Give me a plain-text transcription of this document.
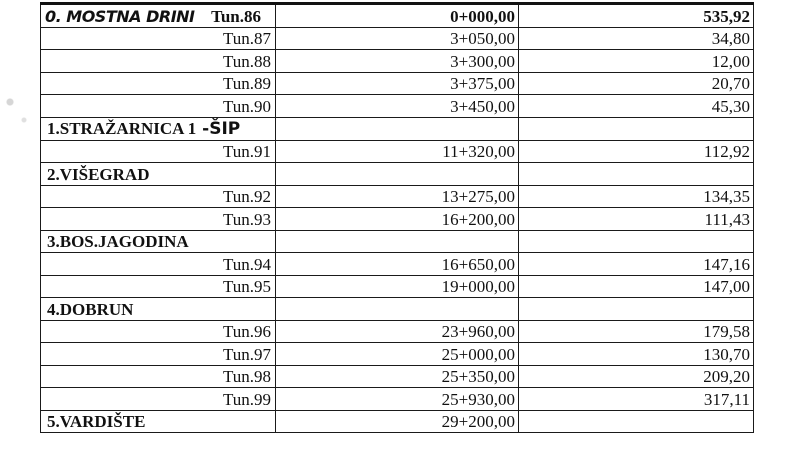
0. MOSTNA DRINI Tun.86	0+000,00	535,92
Tun.87	3+050,00	34,80
Tun.88	3+300,00	12,00
Tun.89	3+375,00	20,70
Tun.90	3+450,00	45,30
1.STRAŽARNICA 1 -ŠIP		
Tun.91	11+320,00	112,92
2.VIŠEGRAD		
Tun.92	13+275,00	134,35
Tun.93	16+200,00	111,43
3.BOS.JAGODINA		
Tun.94	16+650,00	147,16
Tun.95	19+000,00	147,00
4.DOBRUN		
Tun.96	23+960,00	179,58
Tun.97	25+000,00	130,70
Tun.98	25+350,00	209,20
Tun.99	25+930,00	317,11
5.VARDIŠTE	29+200,00	
